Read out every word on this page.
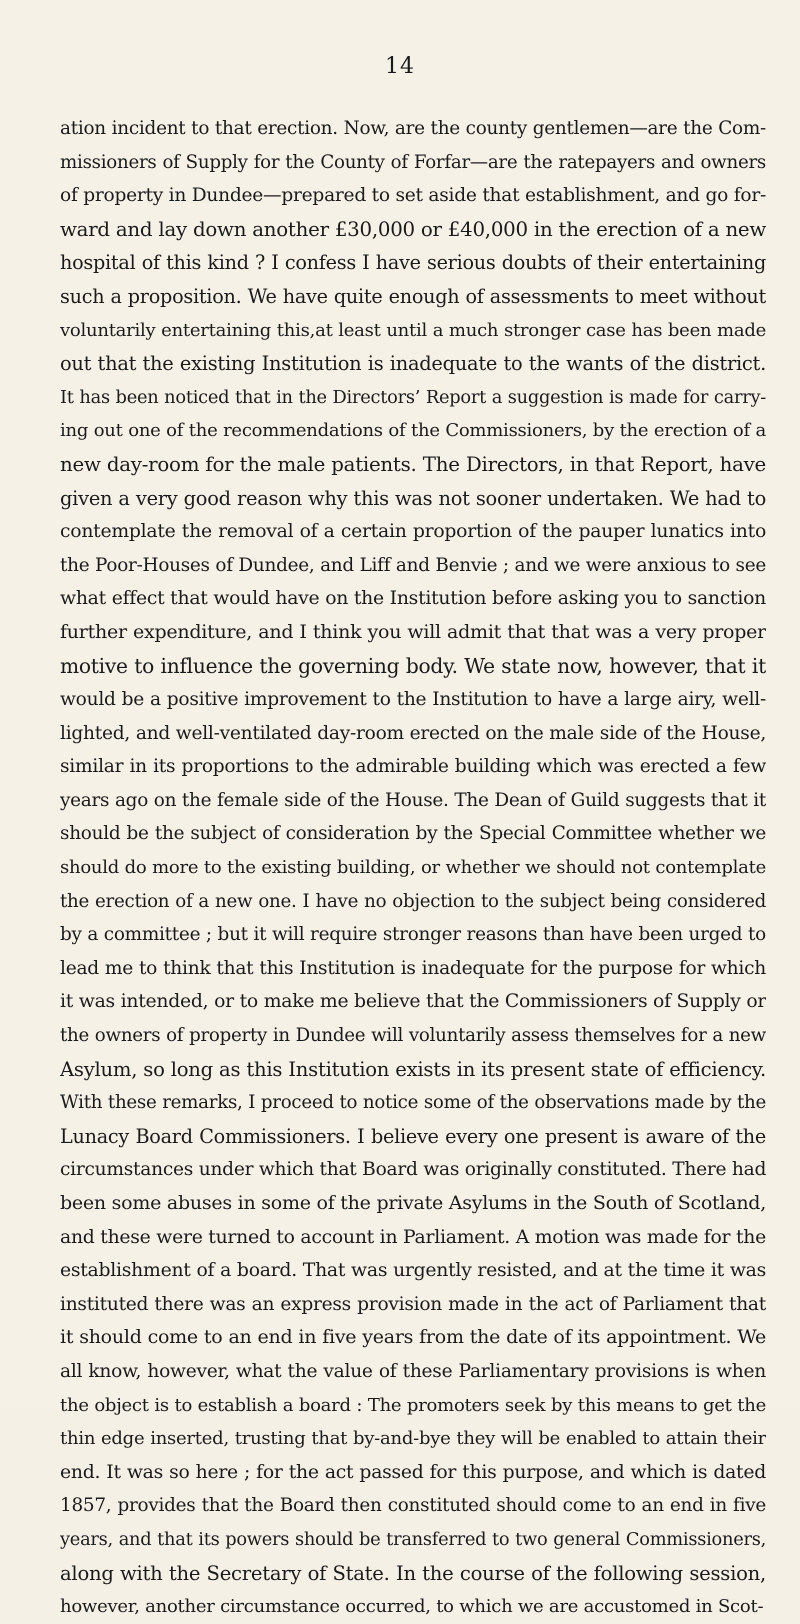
14
ation incident to that erection. Now, are the county gentlemen—are the Com-
missioners of Supply for the County of Forfar—are the ratepayers and owners
of property in Dundee—prepared to set aside that establishment, and go for-
ward and lay down another £30,000 or £40,000 in the erection of a new
hospital of this kind ? I confess I have serious doubts of their entertaining
such a proposition. We have quite enough of assessments to meet without
voluntarily entertaining this,at least until a much stronger case has been made
out that the existing Institution is inadequate to the wants of the district.
It has been noticed that in the Directors’ Report a suggestion is made for carry-
ing out one of the recommendations of the Commissioners, by the erection of a
new day-room for the male patients. The Directors, in that Report, have
given a very good reason why this was not sooner undertaken. We had to
contemplate the removal of a certain proportion of the pauper lunatics into
the Poor-Houses of Dundee, and Liff and Benvie ; and we were anxious to see
what effect that would have on the Institution before asking you to sanction
further expenditure, and I think you will admit that that was a very proper
motive to influence the governing body. We state now, however, that it
would be a positive improvement to the Institution to have a large airy, well-
lighted, and well-ventilated day-room erected on the male side of the House,
similar in its proportions to the admirable building which was erected a few
years ago on the female side of the House. The Dean of Guild suggests that it
should be the subject of consideration by the Special Committee whether we
should do more to the existing building, or whether we should not contemplate
the erection of a new one. I have no objection to the subject being considered
by a committee ; but it will require stronger reasons than have been urged to
lead me to think that this Institution is inadequate for the purpose for which
it was intended, or to make me believe that the Commissioners of Supply or
the owners of property in Dundee will voluntarily assess themselves for a new
Asylum, so long as this Institution exists in its present state of efficiency.
With these remarks, I proceed to notice some of the observations made by the
Lunacy Board Commissioners. I believe every one present is aware of the
circumstances under which that Board was originally constituted. There had
been some abuses in some of the private Asylums in the South of Scotland,
and these were turned to account in Parliament. A motion was made for the
establishment of a board. That was urgently resisted, and at the time it was
instituted there was an express provision made in the act of Parliament that
it should come to an end in five years from the date of its appointment. We
all know, however, what the value of these Parliamentary provisions is when
the object is to establish a board : The promoters seek by this means to get the
thin edge inserted, trusting that by-and-bye they will be enabled to attain their
end. It was so here ; for the act passed for this purpose, and which is dated
1857, provides that the Board then constituted should come to an end in five
years, and that its powers should be transferred to two general Commissioners,
along with the Secretary of State. In the course of the following session,
however, another circumstance occurred, to which we are accustomed in Scot-
